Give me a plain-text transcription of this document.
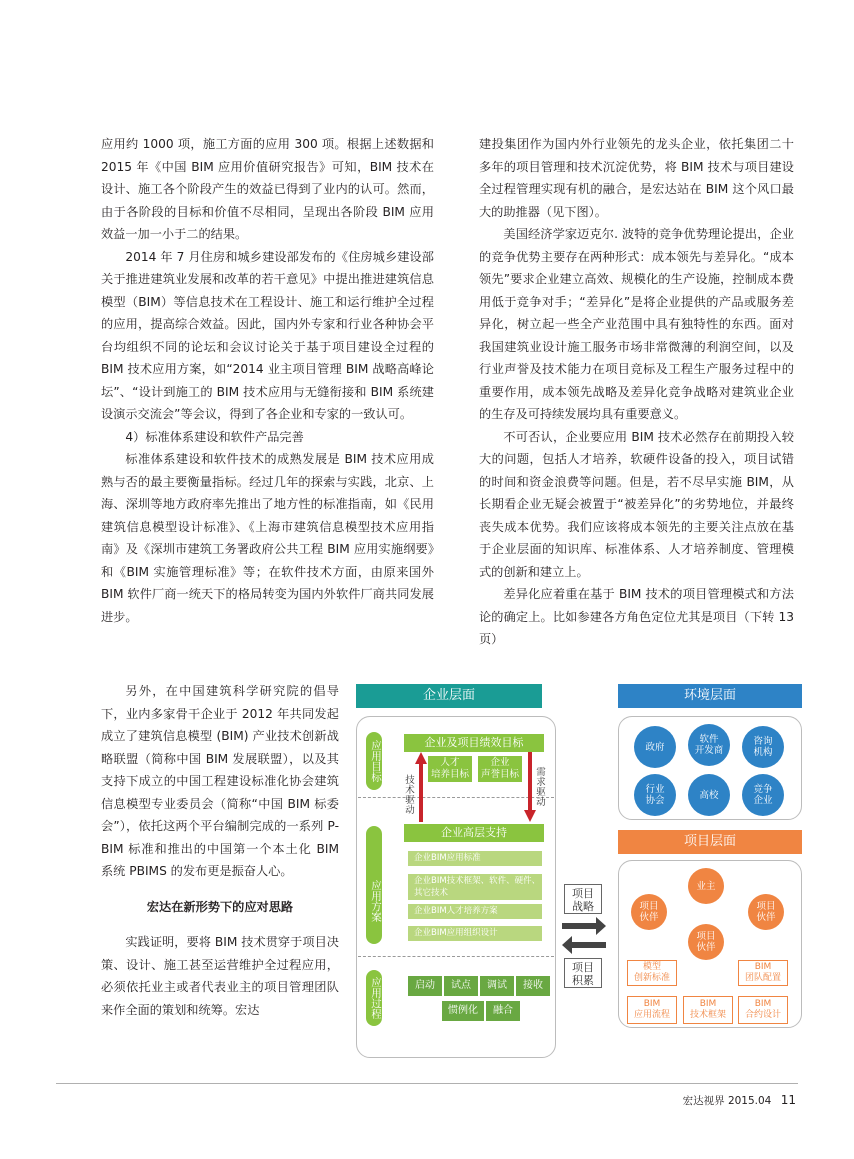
应用约 1000 项，施工方面的应用 300 项。根据上述数据和 2015 年《中国 BIM 应用价值研究报告》可知，BIM 技术在设计、施工各个阶段产生的效益已得到了业内的认可。然而，由于各阶段的目标和价值不尽相同，呈现出各阶段 BIM 应用效益一加一小于二的结果。

2014 年 7 月住房和城乡建设部发布的《住房城乡建设部关于推进建筑业发展和改革的若干意见》中提出推进建筑信息模型（BIM）等信息技术在工程设计、施工和运行维护全过程的应用，提高综合效益。因此，国内外专家和行业各种协会平台均组织不同的论坛和会议讨论关于基于项目建设全过程的 BIM 技术应用方案，如“2014 业主项目管理 BIM 战略高峰论坛”、“设计到施工的 BIM 技术应用与无缝衔接和 BIM 系统建设演示交流会”等会议，得到了各企业和专家的一致认可。

4）标准体系建设和软件产品完善

标准体系建设和软件技术的成熟发展是 BIM 技术应用成熟与否的最主要衡量指标。经过几年的探索与实践，北京、上海、深圳等地方政府率先推出了地方性的标准指南，如《民用建筑信息模型设计标准》、《上海市建筑信息模型技术应用指南》及《深圳市建筑工务署政府公共工程 BIM 应用实施纲要》和《BIM 实施管理标准》等；在软件技术方面，由原来国外 BIM 软件厂商一统天下的格局转变为国内外软件厂商共同发展进步。

另外，在中国建筑科学研究院的倡导下，业内多家骨干企业于 2012 年共同发起成立了建筑信息模型 (BIM) 产业技术创新战略联盟（简称中国 BIM 发展联盟），以及其支持下成立的中国工程建设标准化协会建筑信息模型专业委员会（简称“中国 BIM 标委会”），依托这两个平台编制完成的一系列 P-BIM 标准和推出的中国第一个本土化 BIM 系统 PBIMS 的发布更是振奋人心。

宏达在新形势下的应对思路

实践证明，要将 BIM 技术贯穿于项目决策、设计、施工甚至运营维护全过程应用，必须依托业主或者代表业主的项目管理团队来作全面的策划和统筹。宏达

建投集团作为国内外行业领先的龙头企业，依托集团二十多年的项目管理和技术沉淀优势，将 BIM 技术与项目建设全过程管理实现有机的融合，是宏达站在 BIM 这个风口最大的助推器（见下图）。

美国经济学家迈克尔. 波特的竞争优势理论提出，企业的竞争优势主要存在两种形式：成本领先与差异化。“成本领先”要求企业建立高效、规模化的生产设施，控制成本费用低于竞争对手；“差异化”是将企业提供的产品或服务差异化，树立起一些全产业范围中具有独特性的东西。面对我国建筑业设计施工服务市场非常微薄的利润空间，以及行业声誉及技术能力在项目竞标及工程生产服务过程中的重要作用，成本领先战略及差异化竞争战略对建筑业企业的生存及可持续发展均具有重要意义。

不可否认，企业要应用 BIM 技术必然存在前期投入较大的问题，包括人才培养，软硬件设备的投入，项目试错的时间和资金浪费等问题。但是，若不尽早实施 BIM，从长期看企业无疑会被置于“被差异化”的劣势地位，并最终丧失成本优势。我们应该将成本领先的主要关注点放在基于企业层面的知识库、标准体系、人才培养制度、管理模式的创新和建立上。

差异化应着重在基于 BIM 技术的项目管理模式和方法论的确定上。比如参建各方角色定位尤其是项目（下转 13 页）

企业层面
应用目标	企业及项目绩效目标
人才
培养目标
企业
声誉目标
技术驱动
需求驱动
应用方案
企业高层支持
企业BIM应用标准
企业BIM技术框架、软件、硬件、其它技术
企业BIM人才培养方案
企业BIM应用组织设计
应用过程	启动	试点	调试	接收
惯例化	融合
项目
战略
项目
积累
环境层面
政府
软件
开发商
咨询
机构
行业
协会	高校	竞争
企业
项目层面
业主
项目
伙伴
项目
伙伴
项目
伙伴
模型
创新标准
BIM
团队配置
BIM
应用流程
BIM
技术框架
BIM
合约设计
宏达视界 2015.04 11
